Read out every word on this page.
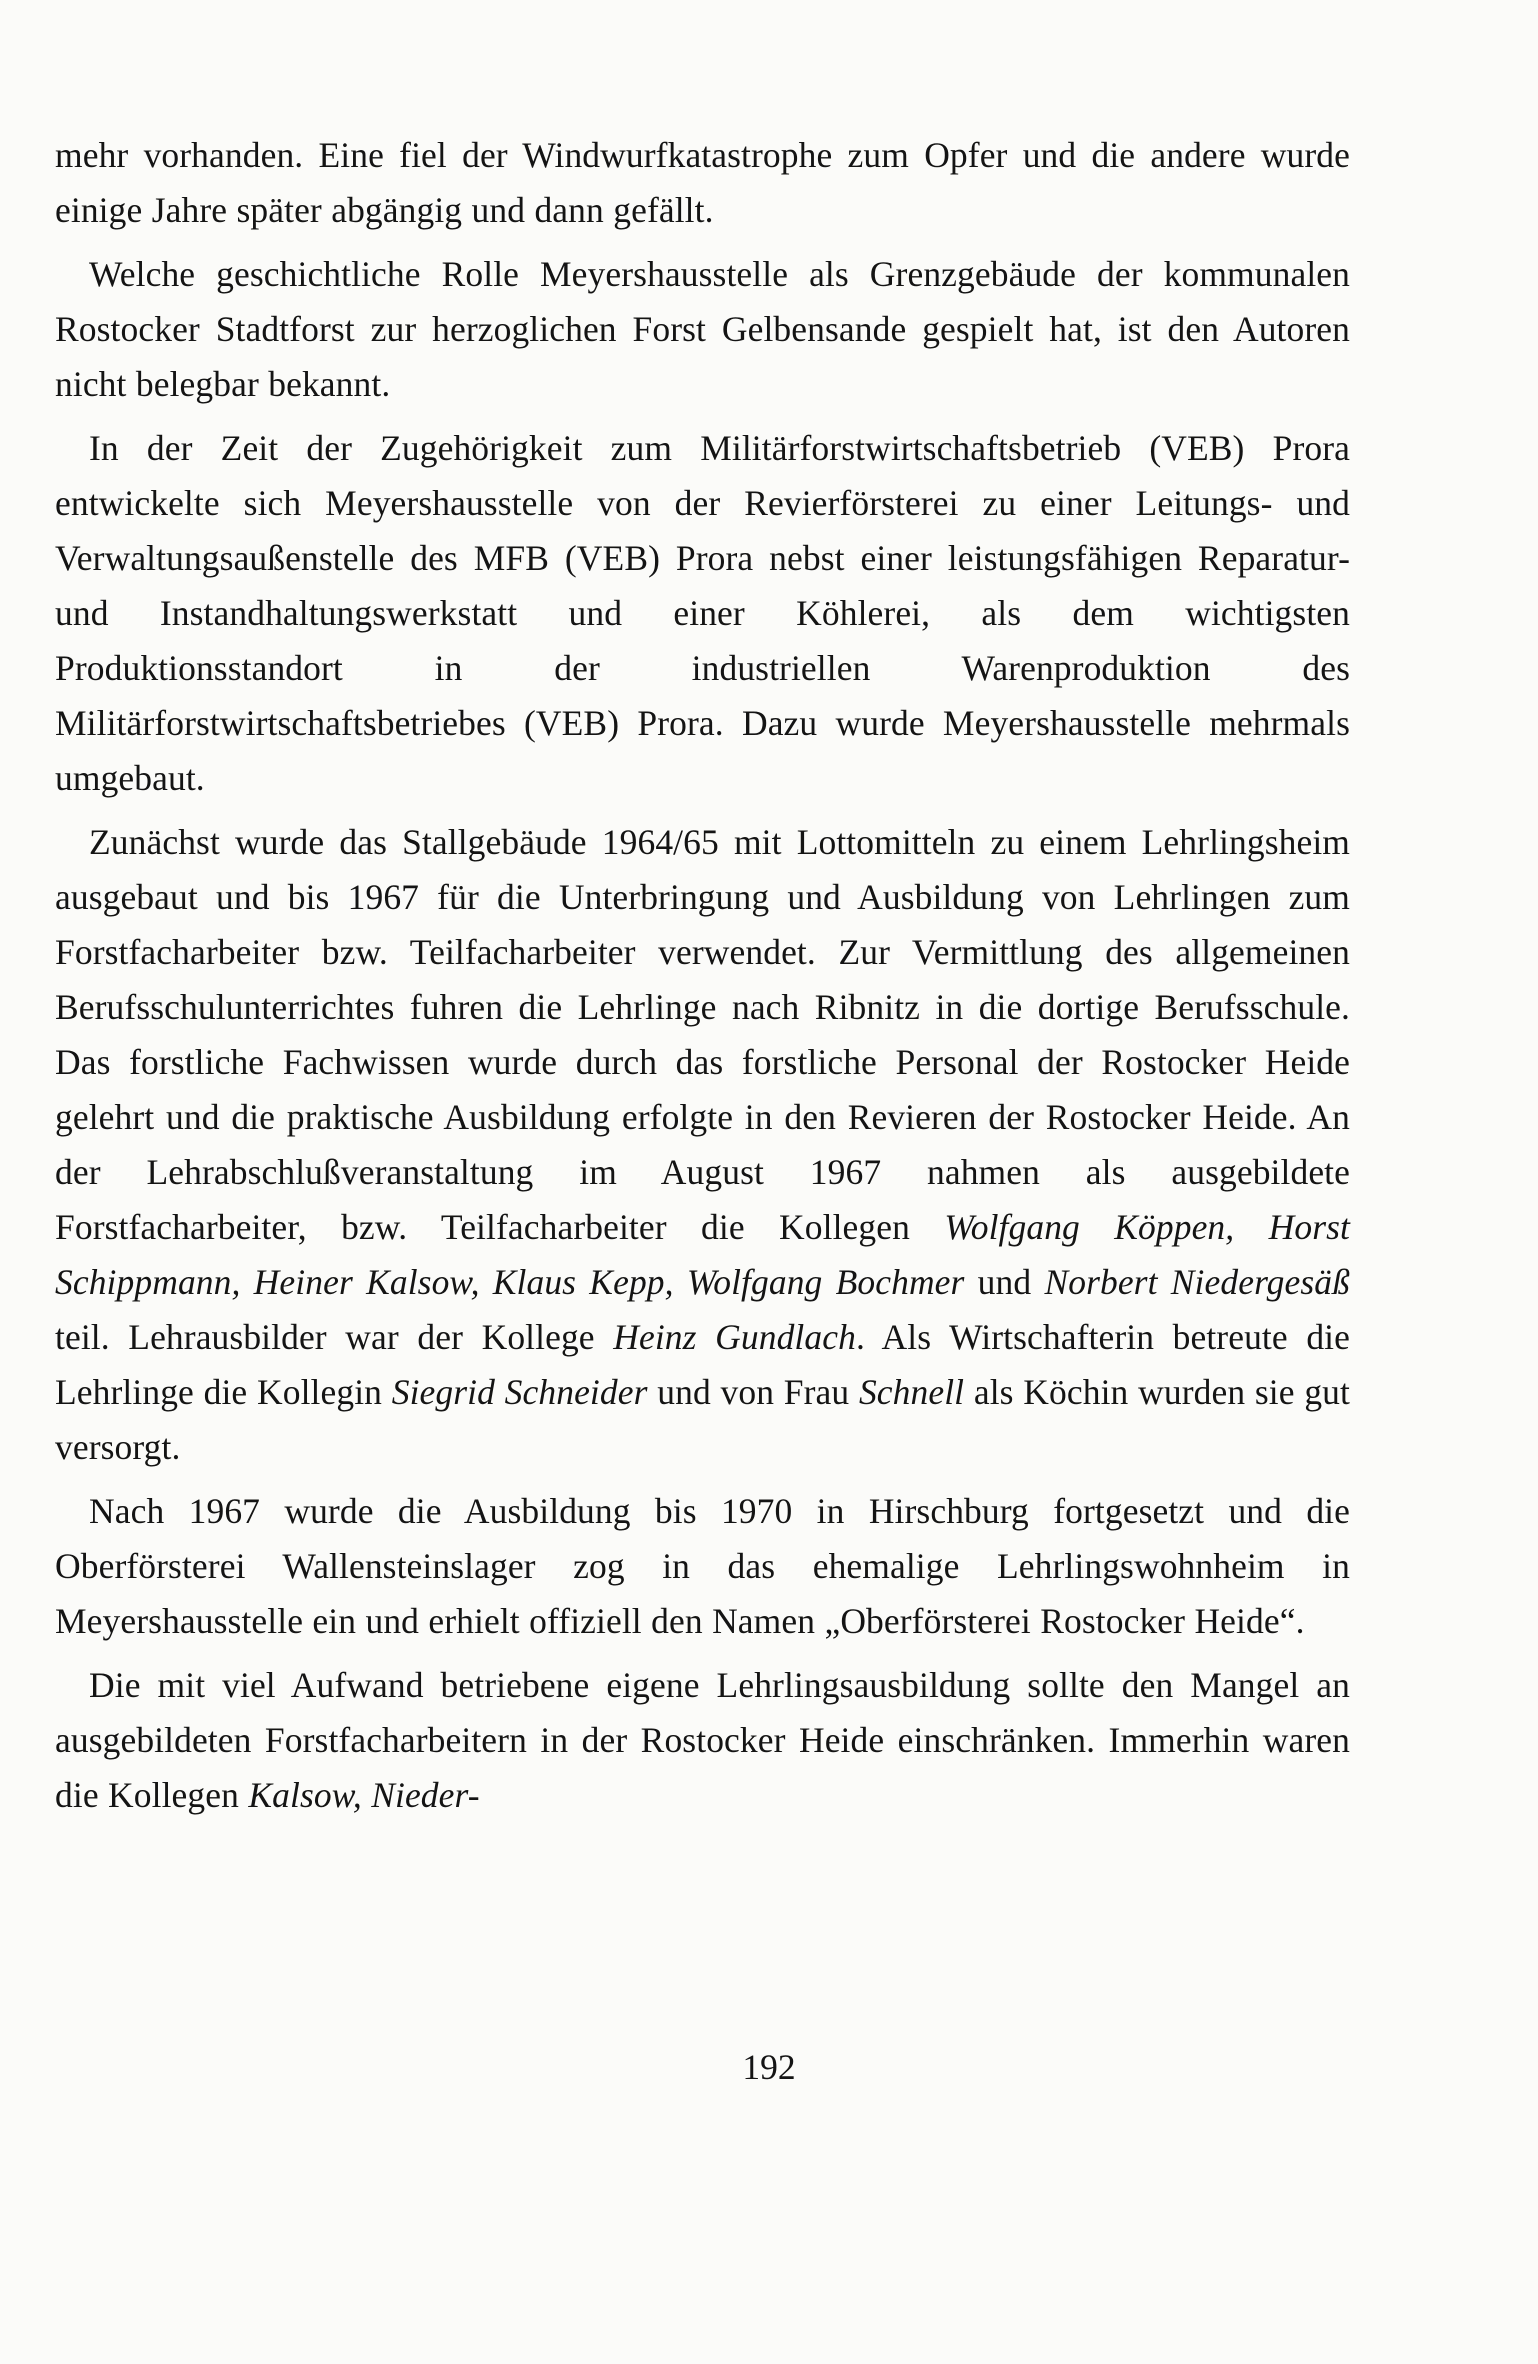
mehr vorhanden. Eine fiel der Windwurfkatastrophe zum Opfer und die andere wurde einige Jahre später abgängig und dann gefällt.

Welche geschichtliche Rolle Meyershausstelle als Grenzgebäude der kommunalen Rostocker Stadtforst zur herzoglichen Forst Gelbensande gespielt hat, ist den Autoren nicht belegbar bekannt.

In der Zeit der Zugehörigkeit zum Militärforstwirtschaftsbetrieb (VEB) Prora entwickelte sich Meyershausstelle von der Revierförsterei zu einer Leitungs- und Verwaltungsaußenstelle des MFB (VEB) Prora nebst einer leistungsfähigen Reparatur- und Instandhaltungswerkstatt und einer Köhlerei, als dem wichtigsten Produktionsstandort in der industriellen Warenproduktion des Militärforstwirtschaftsbetriebes (VEB) Prora. Dazu wurde Meyershausstelle mehrmals umgebaut.

Zunächst wurde das Stallgebäude 1964/65 mit Lottomitteln zu einem Lehrlingsheim ausgebaut und bis 1967 für die Unterbringung und Ausbildung von Lehrlingen zum Forstfacharbeiter bzw. Teilfacharbeiter verwendet. Zur Vermittlung des allgemeinen Berufsschulunterrichtes fuhren die Lehrlinge nach Ribnitz in die dortige Berufsschule. Das forstliche Fachwissen wurde durch das forstliche Personal der Rostocker Heide gelehrt und die praktische Ausbildung erfolgte in den Revieren der Rostocker Heide. An der Lehrabschlußveranstaltung im August 1967 nahmen als ausgebildete Forstfacharbeiter, bzw. Teilfacharbeiter die Kollegen Wolfgang Köppen, Horst Schippmann, Heiner Kalsow, Klaus Kepp, Wolfgang Bochmer und Norbert Niedergesäß teil. Lehrausbilder war der Kollege Heinz Gundlach. Als Wirtschafterin betreute die Lehrlinge die Kollegin Siegrid Schneider und von Frau Schnell als Köchin wurden sie gut versorgt.

Nach 1967 wurde die Ausbildung bis 1970 in Hirschburg fortgesetzt und die Oberförsterei Wallensteinslager zog in das ehemalige Lehrlingswohnheim in Meyershausstelle ein und erhielt offiziell den Namen „Oberförsterei Rostocker Heide“.

Die mit viel Aufwand betriebene eigene Lehrlingsausbildung sollte den Mangel an ausgebildeten Forstfacharbeitern in der Rostocker Heide einschränken. Immerhin waren die Kollegen Kalsow, Nieder-

192
